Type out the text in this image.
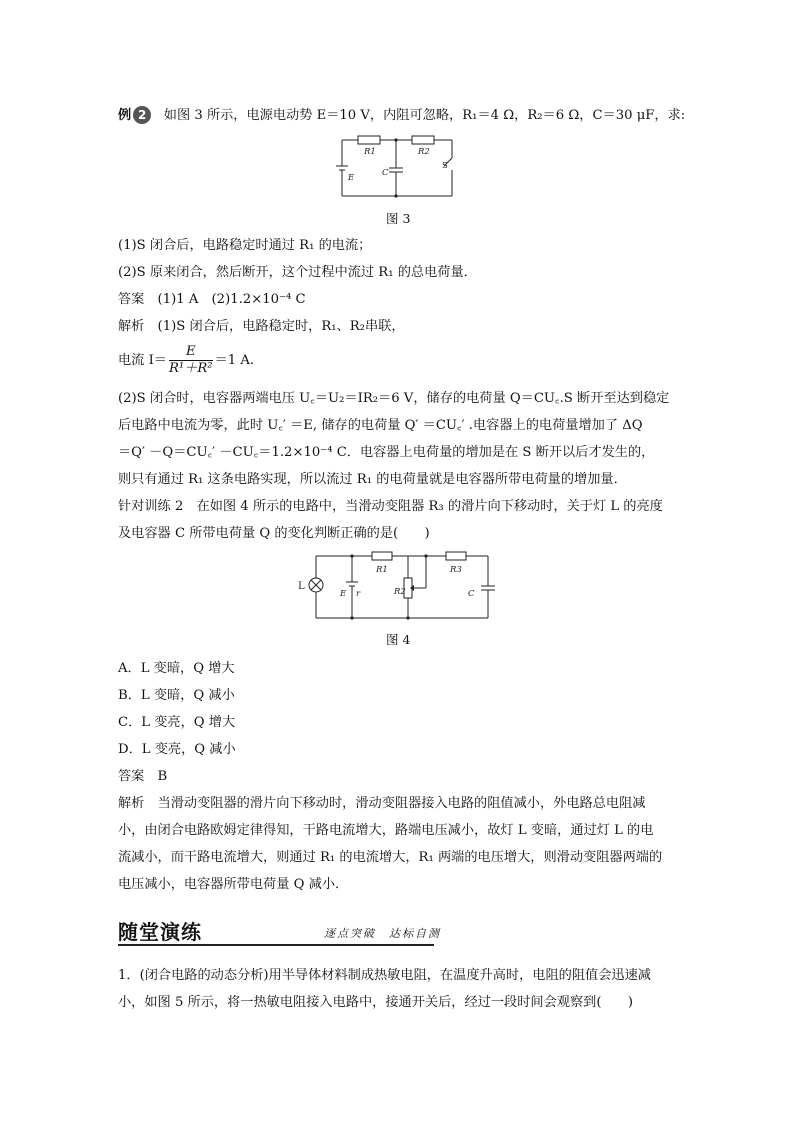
例 2 如图 3 所示，电源电动势 E＝10 V，内阻可忽略，R₁＝4 Ω，R₂＝6 Ω，C＝30 μF，求:
R1	R2
C
S
E
图 3
(1)S 闭合后，电路稳定时通过 R₁ 的电流；
(2)S 原来闭合，然后断开，这个过程中流过 R₁ 的总电荷量．
答案　(1)1 A　(2)1.2×10⁻⁴ C
解析　(1)S 闭合后，电路稳定时，R₁、R₂串联，
电流 $I= \frac{E}{\text{R¹＋R²}} =1$ A.
(2)S 闭合时，电容器两端电压 U꜀＝U₂＝IR₂＝6 V，储存的电荷量 Q＝CU꜀.S 断开至达到稳定
后电路中电流为零，此时 U꜀′ ＝E, 储存的电荷量 Q′ ＝CU꜀′ .电容器上的电荷量增加了 ΔQ
＝Q′ －Q＝CU꜀′ －CU꜀＝1.2×10⁻⁴ C．电容器上电荷量的增加是在 S 断开以后才发生的，
则只有通过 R₁ 这条电路实现，所以流过 R₁ 的电荷量就是电容器所带电荷量的增加量．
针对训练 2　在如图 4 所示的电路中，当滑动变阻器 R₃ 的滑片向下移动时，关于灯 L 的亮度
及电容器 C 所带电荷量 Q 的变化判断正确的是(　　)
L
E r
R1
R2
R3
C
图 4
A．L 变暗，Q 增大
B．L 变暗，Q 减小
C．L 变亮，Q 增大
D．L 变亮，Q 减小
答案　B
解析　当滑动变阻器的滑片向下移动时，滑动变阻器接入电路的阻值减小，外电路总电阻减
小，由闭合电路欧姆定律得知，干路电流增大，路端电压减小，故灯 L 变暗，通过灯 L 的电
流减小，而干路电流增大，则通过 R₁ 的电流增大，R₁ 两端的电压增大，则滑动变阻器两端的
电压减小，电容器所带电荷量 Q 减小．
随堂演练	逐点突破　达标自测
1．(闭合电路的动态分析)用半导体材料制成热敏电阻，在温度升高时，电阻的阻值会迅速减
小，如图 5 所示，将一热敏电阻接入电路中，接通开关后，经过一段时间会观察到(　　)
